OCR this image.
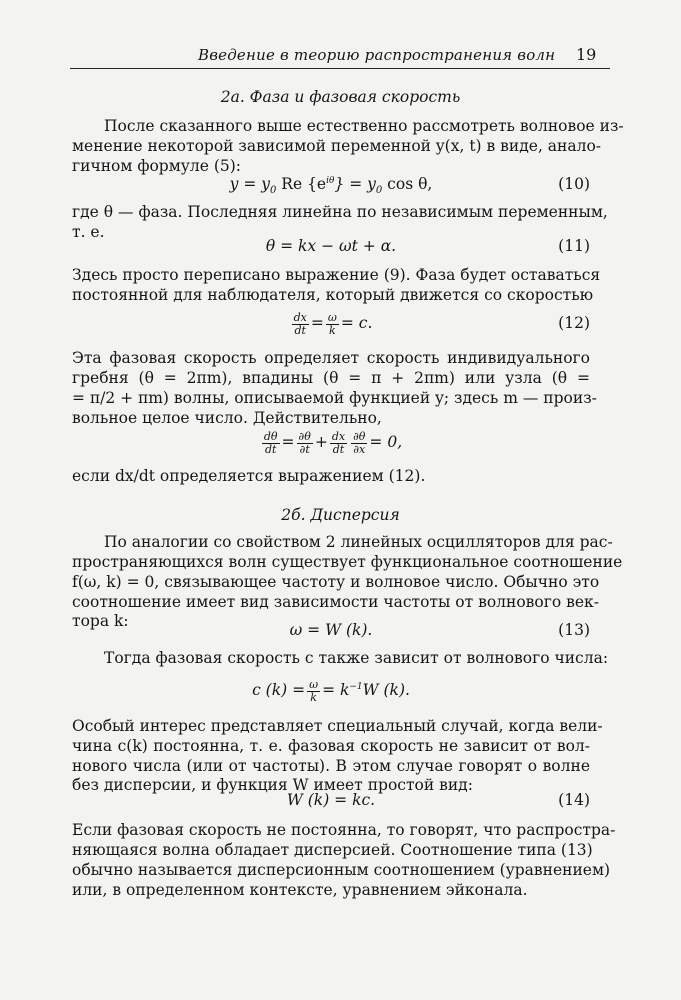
Введение в теорию распространения волн 19
2а. Фаза и фазовая скорость
После сказанного выше естественно рассмотреть волновое из-
менение некоторой зависимой переменной y(x, t) в виде, анало-
гичном формуле (5):
$y = y_0$ Re $\{e^{i\theta}\} = y_0$ cos θ,	(10)
где θ — фаза. Последняя линейна по независимым переменным,
т. е.
θ = kx − ωt + α.	(11)
Здесь просто переписано выражение (9). Фаза будет оставаться
постоянной для наблюдателя, который движется со скоростью
$\frac{dx}{dt} = \frac{\omega}{k} = c$.	(12)
Эта фазовая скорость определяет скорость индивидуального
гребня (θ = 2πm), впадины (θ = π + 2πm) или узла (θ =
= π/2 + πm) волны, описываемой функцией y; здесь m — произ-
вольное целое число. Действительно,
$\frac{d\theta}{dt} = \frac{\partial\theta}{\partial t} + \frac{dx}{dt} \frac{\partial\theta}{\partial x} = 0$,
если dx/dt определяется выражением (12).
2б. Дисперсия
По аналогии со свойством 2 линейных осцилляторов для рас-
пространяющихся волн существует функциональное соотношение
f(ω, k) = 0, связывающее частоту и волновое число. Обычно это
соотношение имеет вид зависимости частоты от волнового век-
тора k:	ω = W (k).	(13)
Тогда фазовая скорость c также зависит от волнового числа:
c $(k) = \frac{\omega}{k} = k^{-1}W$ (k).
Особый интерес представляет специальный случай, когда вели-
чина c(k) постоянна, т. е. фазовая скорость не зависит от вол-
нового числа (или от частоты). В этом случае говорят о волне
без дисперсии, и функция W имеет простой вид:
W (k) = kc.	(14)
Если фазовая скорость не постоянна, то говорят, что распростра-
няющаяся волна обладает дисперсией. Соотношение типа (13)
обычно называется дисперсионным соотношением (уравнением)
или, в определенном контексте, уравнением эйконала.
